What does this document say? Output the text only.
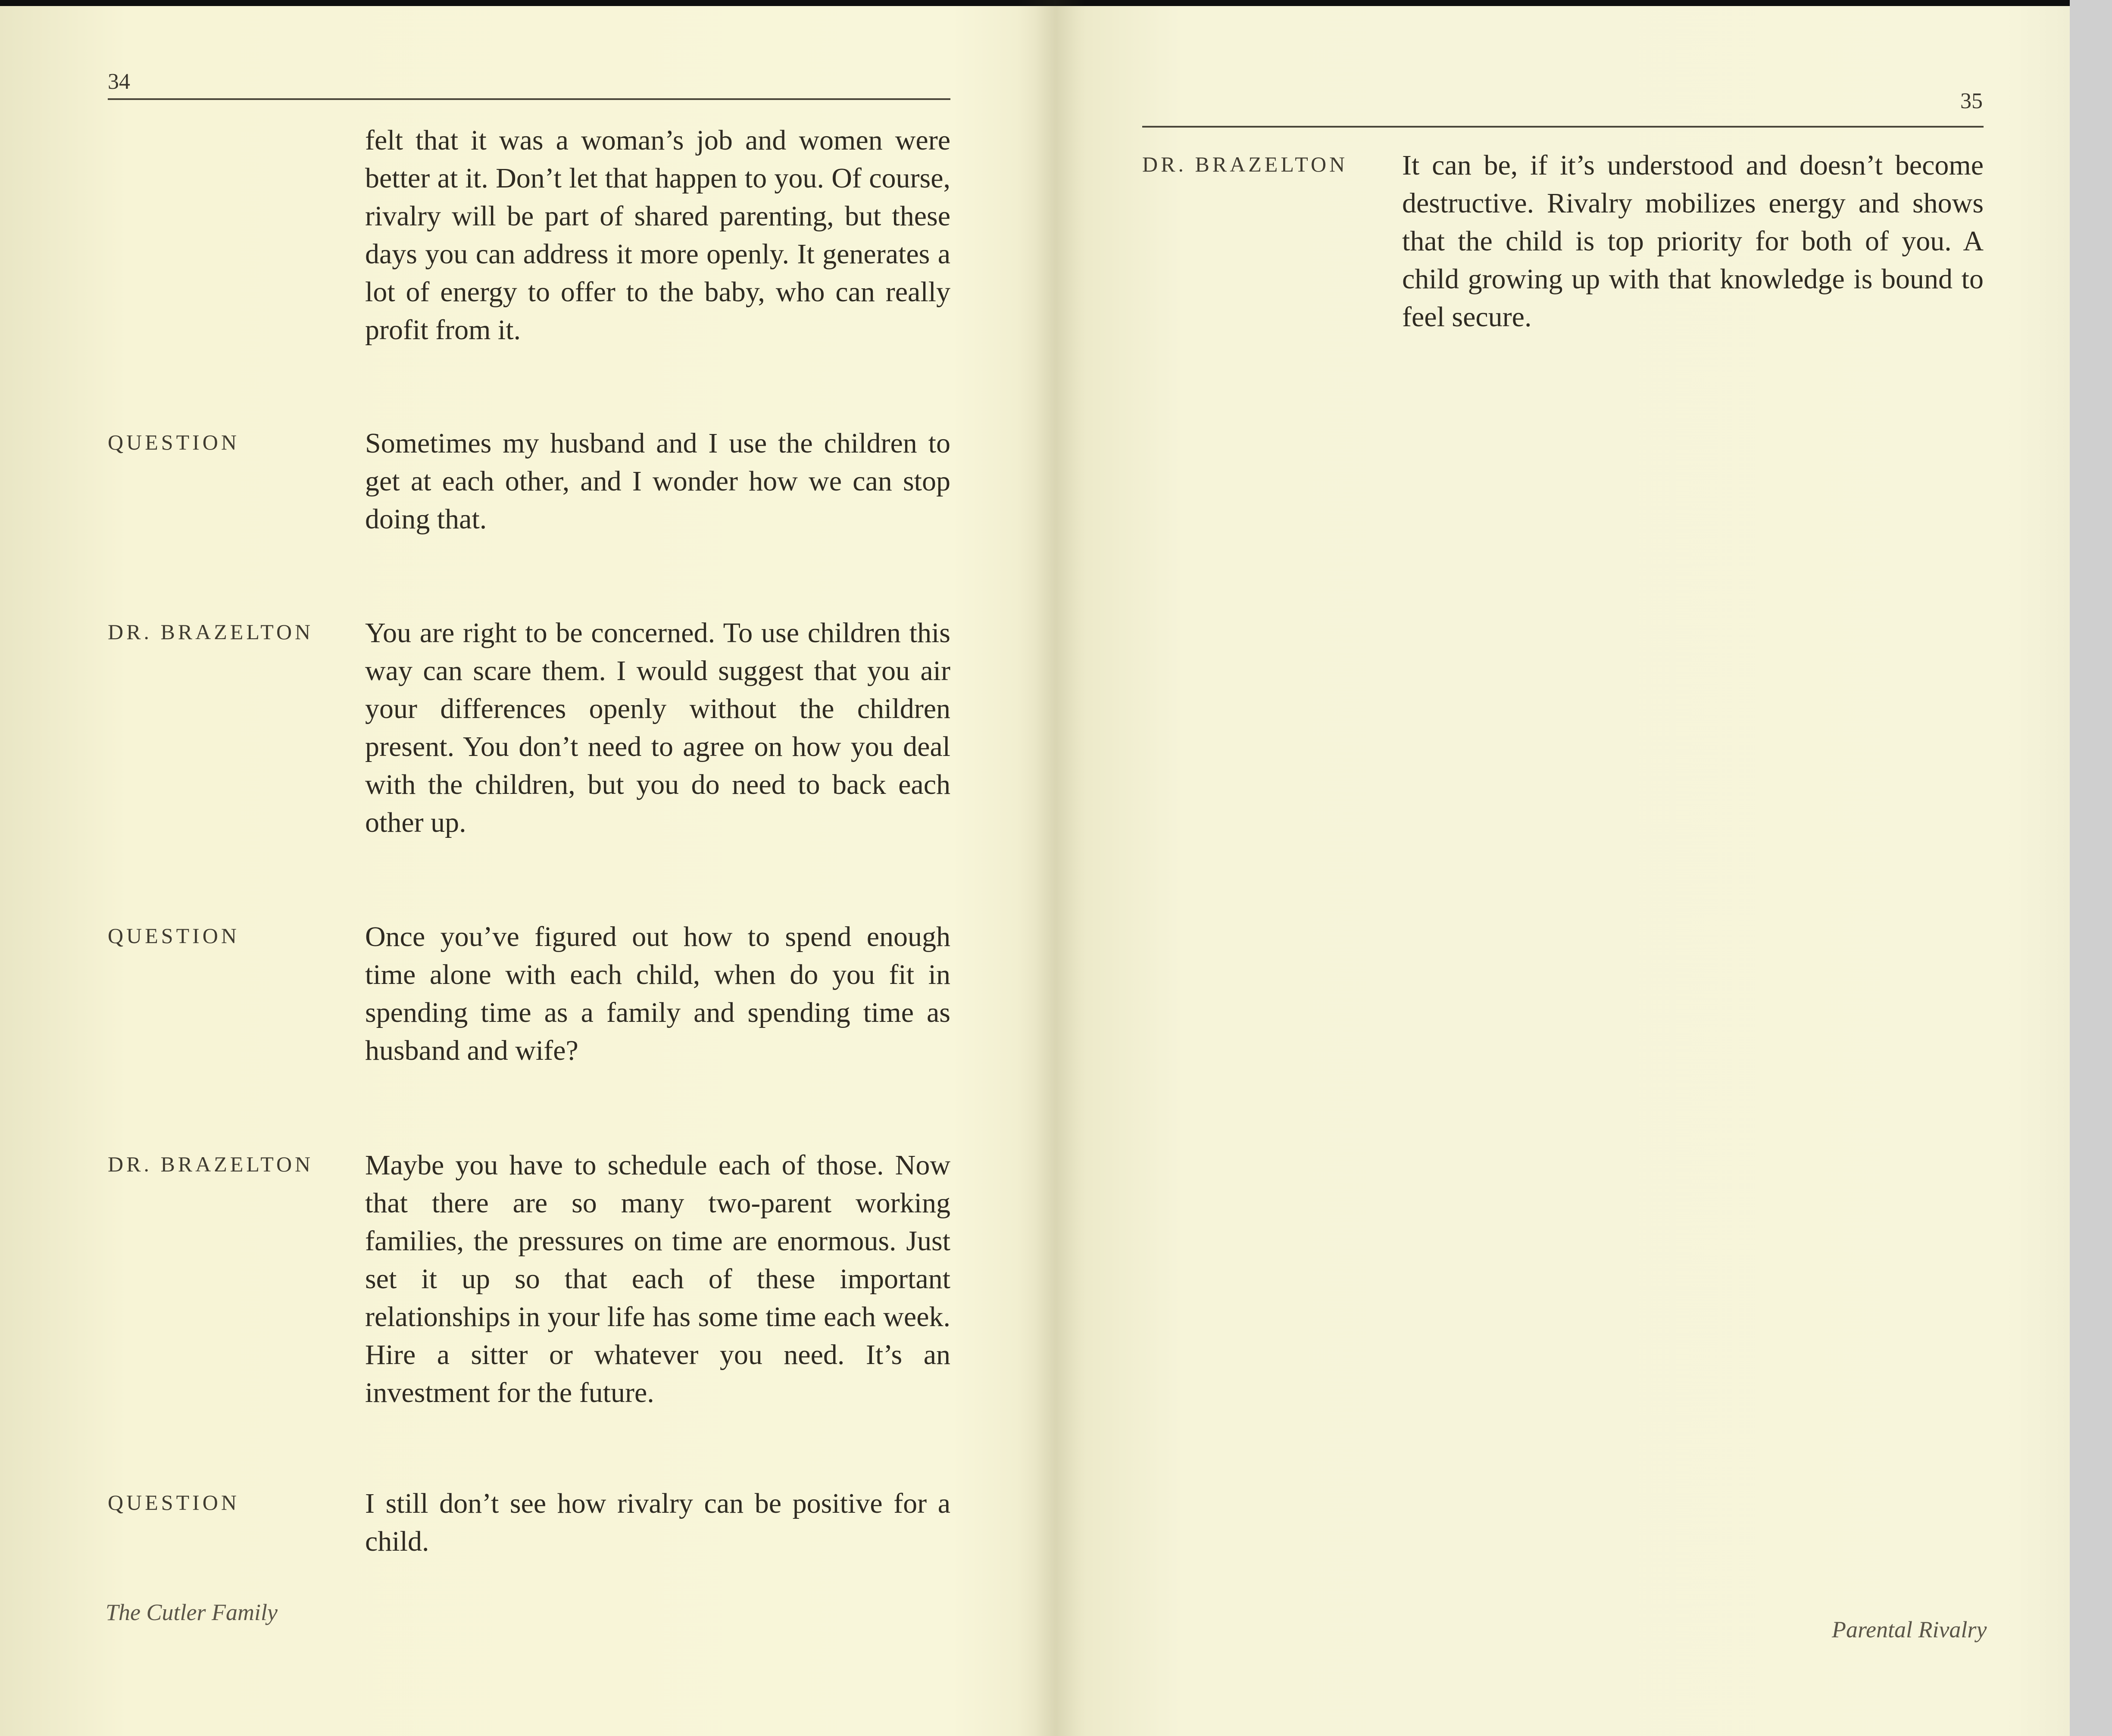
34
felt that it was a woman’s job and women were better at it. Don’t let that happen to you. Of course, rivalry will be part of shared parenting, but these days you can address it more openly. It generates a lot of energy to offer to the baby, who can really profit from it.
QUESTION	Sometimes my husband and I use the children to get at each other, and I wonder how we can stop doing that.
DR. BRAZELTON You are right to be concerned. To use children this way can scare them. I would suggest that you air your differences openly without the children present. You don’t need to agree on how you deal with the children, but you do need to back each other up.
QUESTION	Once you’ve figured out how to spend enough time alone with each child, when do you fit in spending time as a family and spending time as husband and wife?
DR. BRAZELTON Maybe you have to schedule each of those. Now that there are so many two-parent working families, the pressures on time are enormous. Just set it up so that each of these important relationships in your life has some time each week. Hire a sitter or whatever you need. It’s an investment for the future.
QUESTION	I still don’t see how rivalry can be positive for a child.
The Cutler Family
35
DR. BRAZELTON It can be, if it’s understood and doesn’t become destructive. Rivalry mobilizes energy and shows that the child is top priority for both of you. A child growing up with that knowledge is bound to feel secure.
Parental Rivalry
